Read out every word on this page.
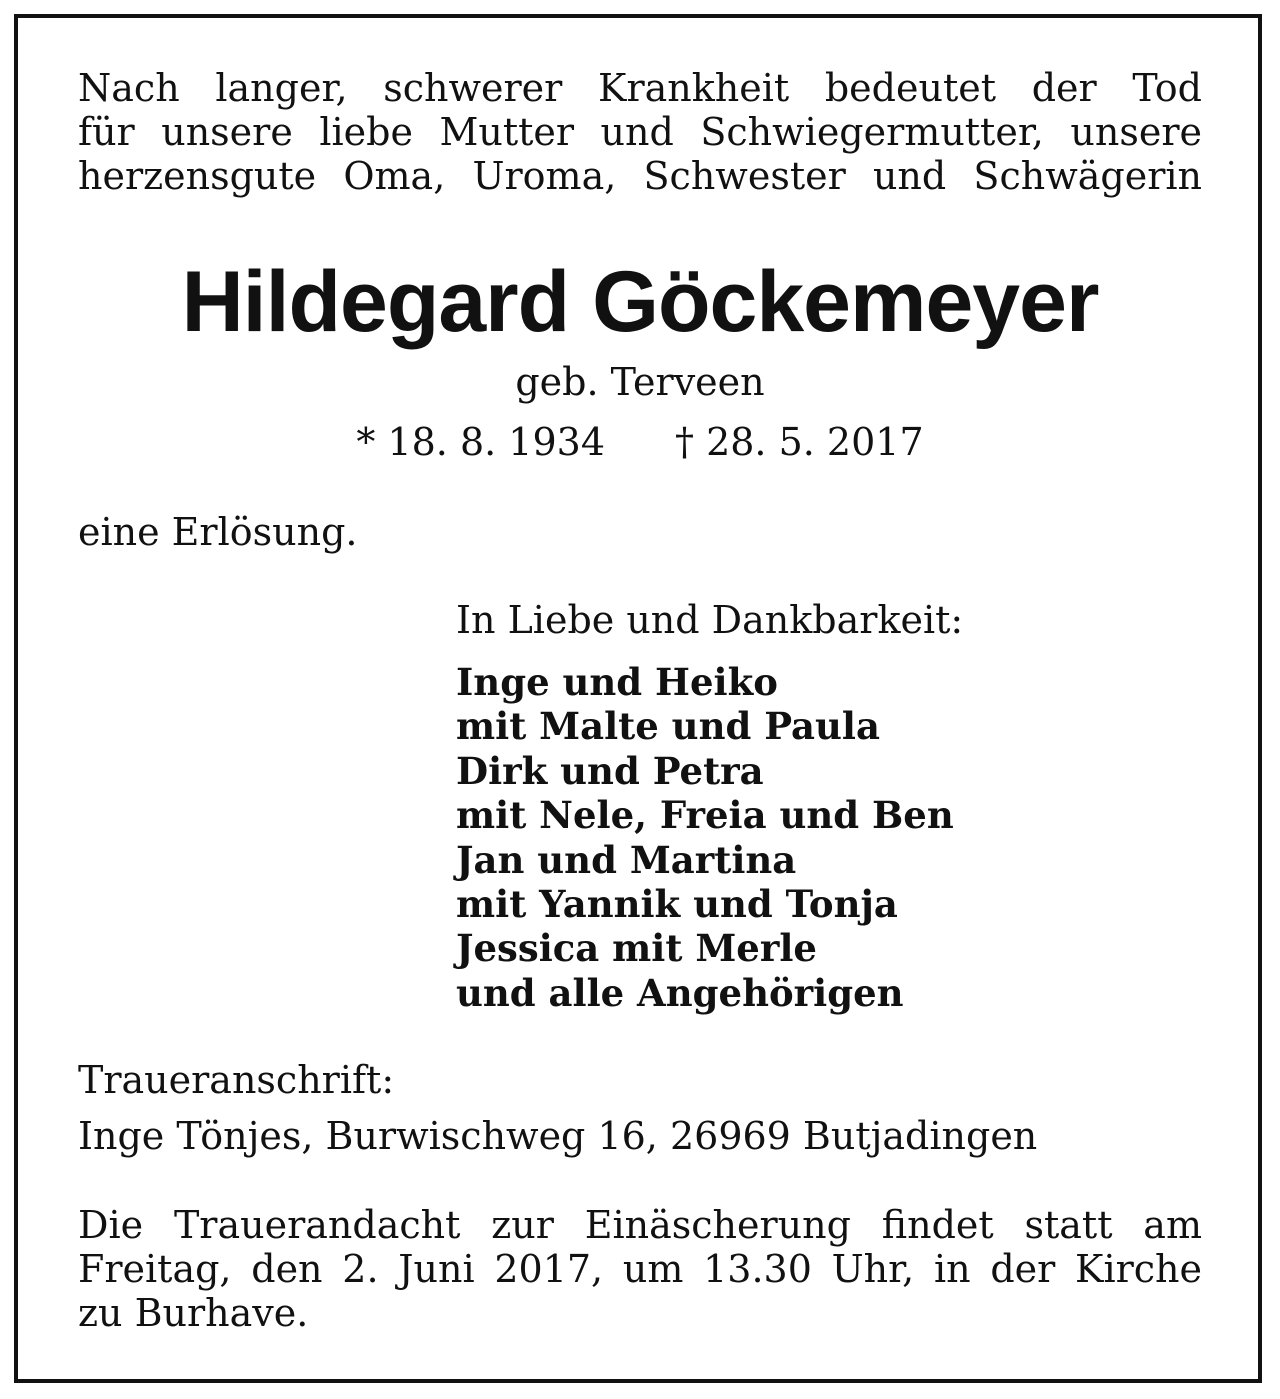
Nach langer, schwerer Krankheit bedeutet der Tod
für unsere liebe Mutter und Schwiegermutter, unsere
herzensgute Oma, Uroma, Schwester und Schwägerin

Hildegard Göckemeyer

geb. Terveen

* 18. 8. 1934 † 28. 5. 2017

eine Erlösung.

In Liebe und Dankbarkeit:

Inge und Heiko
mit Malte und Paula
Dirk und Petra
mit Nele, Freia und Ben
Jan und Martina
mit Yannik und Tonja
Jessica mit Merle
und alle Angehörigen

Traueranschrift:

Inge Tönjes, Burwischweg 16, 26969 Butjadingen

Die Trauerandacht zur Einäscherung findet statt am
Freitag, den 2. Juni 2017, um 13.30 Uhr, in der Kirche
zu Burhave.
